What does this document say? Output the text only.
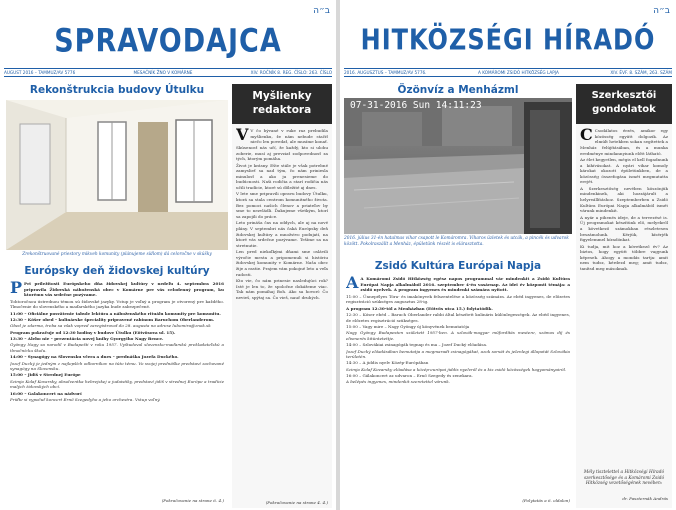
ב״ה
SPRAVODAJCA
AUGUST 2016 – TAMMUZ/AV 5776	MESAČNÍK ŽNO V KOMÁRNE	XIV. ROČNÍK 8. REG. ČÍSLO: 263. ČÍSLO
Rekonštrukcia budovy Útulku
Zrekonštruované priestory mikveh komunity (plánujeme sídlom) dá celoročne v skúšky
Európsky deň židovskej kultúry
P Pri príležitosti Európskeho dňa židovskej kultúry v nedeľu 4. septembra 2016 pripravila Židovská náboženská obec v Komárne pre vás celodenný program, ku ktorému vás srdečne pozývame.

Tohtoročnou ústrednou témou sú židovské jazyky. Vstup je voľný a program je otvorený pre každého. Tlmočenie do slovenského a maďarského jazyka bude zabezpečené.

11:00 – Oficiálne posvätenie tabule lektúra a náboženského rituálu komunity pre komunitu.

12:30 – Kóšer obed – kulinárske špeciality pripravené rabínom Baruchom Oberlanderom.

Obed je zdarma, treba sa však vopred zaregistrovať do 28. augusta na adrese lubomira@znok.sk

Program pokračuje od 12:30 hodiny v budove Útulku (Eötvösova ul. 15).

13:30 – Alebo nie – prezentácia novej knihy Gyorgyiho Nagy Bence.

Gyöngy Nagy sa narodil v Budapešti v roku 1957. Vyštudoval slovensko-maďarskú prekladateľskú a tlmočnícku školu.

14:00 – Synagógy na Slovensku včera a dnes – prednáška Jozefa Duckého.

Jozef Ducký je jedným z najlepších odborníkov na túto tému. Vo svojej prednáške predstaví zachované synagógy na Slovensku.

15:00 – Jidiš v Strednej Európe

Szimja Kolaf Kovarsky, absolventka hebrejskej a judaistiky, predstaví jidiš v strednej Európe a tradície malých židovských obcí.

16:00 – Galakoncert na nádvorí

Príďte si vypočuť koncert Ernő Szegedyho a jeho orchestra. Vstup voľný.

(Pokračovanie na strane 6. 4.)
Myšlienky
redaktora
V V čo bývané v ruke raz prebudila myšlienku, že nám nebude stačiť niečo len povedať, ale musíme konať. Skúsenosť nás učí, že každý, kto si ulohu zoberie, musí aj prevziať zodpovednosť za tých, ktorým pomáha.

Život je krásny. Ešte stále je však potrebné zamyslieť sa nad tým, čo nám priniesla minulosť a ako ju prenesieme do budúcnosti. Naši rodičia a starí rodičia nás učili tradície, ktoré sú dôležité aj dnes.

V lete sme pripravili opravu budovy Útulku, ktorá sa stala centrom komunitného života. Bez pomoci našich členov a priateľov by sme to nezvládli. Ďakujeme všetkým, ktorí sa zapojili do práce.

Leto prináša čas na oddych, ale aj na nové plány. V septembri nás čaká Európsky deň židovskej kultúry a množstvo podujatí, na ktoré vás srdečne pozývame. Tešíme sa na stretnutie.

Len pred niekoľkými dňami sme oslávili výročie mesta a pripomenuli si históriu židovskej komunity v Komárne. Naša obec žije a rastie. Prajem vám pokojné leto a veľa radosti.

Kto vie, čo nám prinesie nasledujúci rok? Isté je len to, že spoločne dokážeme viac. Tak nám pomáhaj Boh. Ako sa hovorí: Čo nevieš, spýtaj sa. Čo vieš, nauč druhých.

(Pokračovanie na strane 4. 4.)
ב״ה
HITKÖZSÉGI HÍRADÓ
2016. AUGUSZTUS – TAMMUZ/AV 5776.	A KOMÁROMI ZSIDÓ HITKÖZSÉG LAPJA	XIV. ÉVF. 8. SZÁM, 263. SZÁM
Özönvíz a Menházml
07-31-2016 Sun 14:11:23
2016. július 31-én hatalmas vihar csapott le Komáromra. Viharos üzletek és utcák, a pincék és udvarok között. Pokolraszállt a Menház, épületünk részét is elárasztotta.
Zsidó Kultúra Európai Napja
A A Komáromi Zsidó Hitközség egész napos programmal vár mindenkit a Zsidó Kultúra Európai Napja alkalmából 2016. szeptember 4-én vasárnap. Az idei év központi témája: a zsidó nyelvek. A program ingyenes és mindenki számára nyitott.

11:00 – Ünnepélyes Tóra- és imakönyvek felszentelése a közösség számára. Az ebéd ingyenes, de előzetes regisztráció szükséges augusztus 28-ig.

A program 12:30-tól a Menházban (Eötvös utca 15.) folytatódik.

12:30 – Kóser ebéd – Baruch Oberlander rabbi által készített kulináris különlegességek. Az ebéd ingyenes, de előzetes regisztráció szükséges.

15:00 – Vagy mire – Nagy Gyöngy új könyvének bemutatója

Nagy Gyöngy Budapesten született 1957-ben. A szlovák-magyar műfordítás mestere, számos díj és elismerés kitüntetettje.

14:00 – Szlovákiai zsinagógák tegnap és ma – Jozef Ducký előadása.

Jozef Ducký előadásában bemutatja a megmaradt zsinagógákat, azok sorsát és jelenlegi állapotát Szlovákia területén.

14:30 – A jiddis nyelv Közép-Európában

Szimja Kolaf Kovarsky előadása a közép-európai jiddis nyelvről és a kis zsidó közösségek hagyományairól.

16:00 – Gálakoncert az udvaron – Ernő Szegedy és zenekara.

A belépés ingyenes, mindenkit szeretettel várunk.

(Folytatás a 6. oldalon)
Szerkesztői
gondolatok
C Csodálatos érzés, amikor egy közösség együtt dolgozik. Az elmúlt hetekben sokan segítettek a Menház felújításában, és a munka eredménye mindannyiunk előtt látható.

Az élet kegyetlen, mégis el kell fogadnunk a kihívásokat. A nyári vihar komoly károkat okozott épületünkben, de a közösség összefogása ismét megmutatta erejét.

A Szerkesztőség nevében köszönjük mindenkinek, aki hozzájárult a helyreállításhoz. Szeptemberben a Zsidó Kultúra Európai Napja alkalmából ismét várunk mindenkit.

A nyár a pihenés ideje, de a tervezésé is. Új programokat készítünk elő, melyekről a következő számokban részletesen beszámolunk. Kérjük, kísérjék figyelemmel híradónkat.

Ki tudja, mit hoz a következő év? Az biztos, hogy együtt többre vagyunk képesek. Ahogy a mondás tartja: amit nem tudsz, kérdezd meg; amit tudsz, tanítsd meg másoknak.

Mély tisztelettel a Hitközségi Híradó szerkesztősége és a Komáromi Zsidó Hitközség vezetőségének nevében:
dr. Paszternák András
